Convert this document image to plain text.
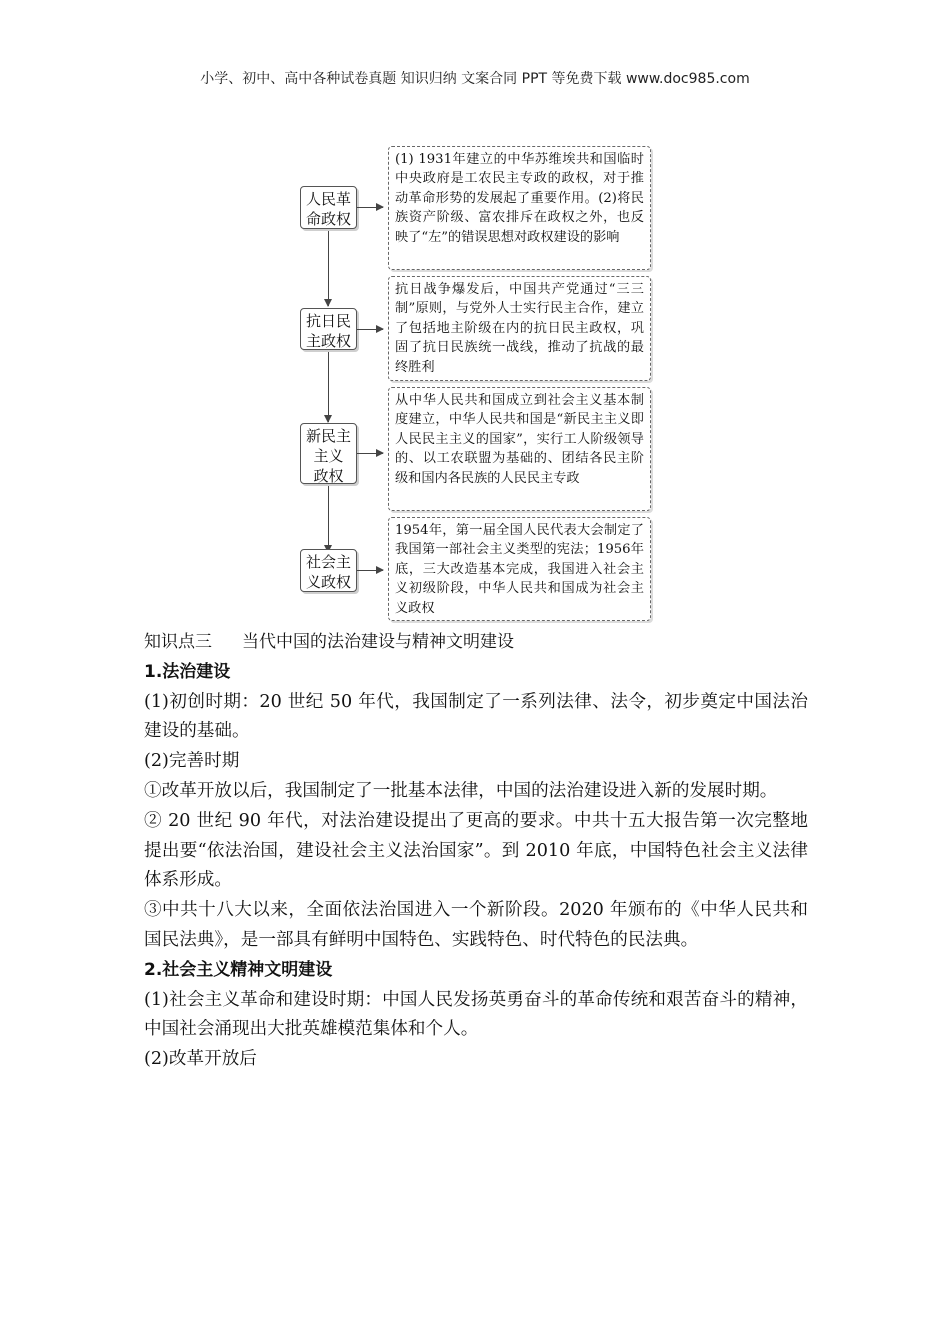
小学、初中、高中各种试卷真题 知识归纳 文案合同 PPT 等免费下载 www.doc985.com
人民革
命政权
(1) 1931年建立的中华苏维埃共和国临时中央政府是工农民主专政的政权，对于推动革命形势的发展起了重要作用。(2)将民族资产阶级、富农排斥在政权之外，也反映了“左”的错误思想对政权建设的影响
抗日民
主政权
抗日战争爆发后，中国共产党通过“三三制”原则，与党外人士实行民主合作，建立了包括地主阶级在内的抗日民主政权，巩固了抗日民族统一战线，推动了抗战的最终胜利
新民主
主义
政权
从中华人民共和国成立到社会主义基本制度建立，中华人民共和国是“新民主主义即人民民主主义的国家”，实行工人阶级领导的、以工农联盟为基础的、团结各民主阶级和国内各民族的人民民主专政
社会主
义政权
1954年，第一届全国人民代表大会制定了我国第一部社会主义类型的宪法；1956年底，三大改造基本完成，我国进入社会主义初级阶段，中华人民共和国成为社会主义政权

知识点三 当代中国的法治建设与精神文明建设

1.法治建设

(1)初创时期：20 世纪 50 年代，我国制定了一系列法律、法令，初步奠定中国法治建设的基础。

(2)完善时期

①改革开放以后，我国制定了一批基本法律，中国的法治建设进入新的发展时期。

② 20 世纪 90 年代，对法治建设提出了更高的要求。中共十五大报告第一次完整地提出要“依法治国，建设社会主义法治国家”。到 2010 年底，中国特色社会主义法律体系形成。

③中共十八大以来，全面依法治国进入一个新阶段。2020 年颁布的《中华人民共和国民法典》，是一部具有鲜明中国特色、实践特色、时代特色的民法典。

2.社会主义精神文明建设

(1)社会主义革命和建设时期：中国人民发扬英勇奋斗的革命传统和艰苦奋斗的精神，中国社会涌现出大批英雄模范集体和个人。

(2)改革开放后
